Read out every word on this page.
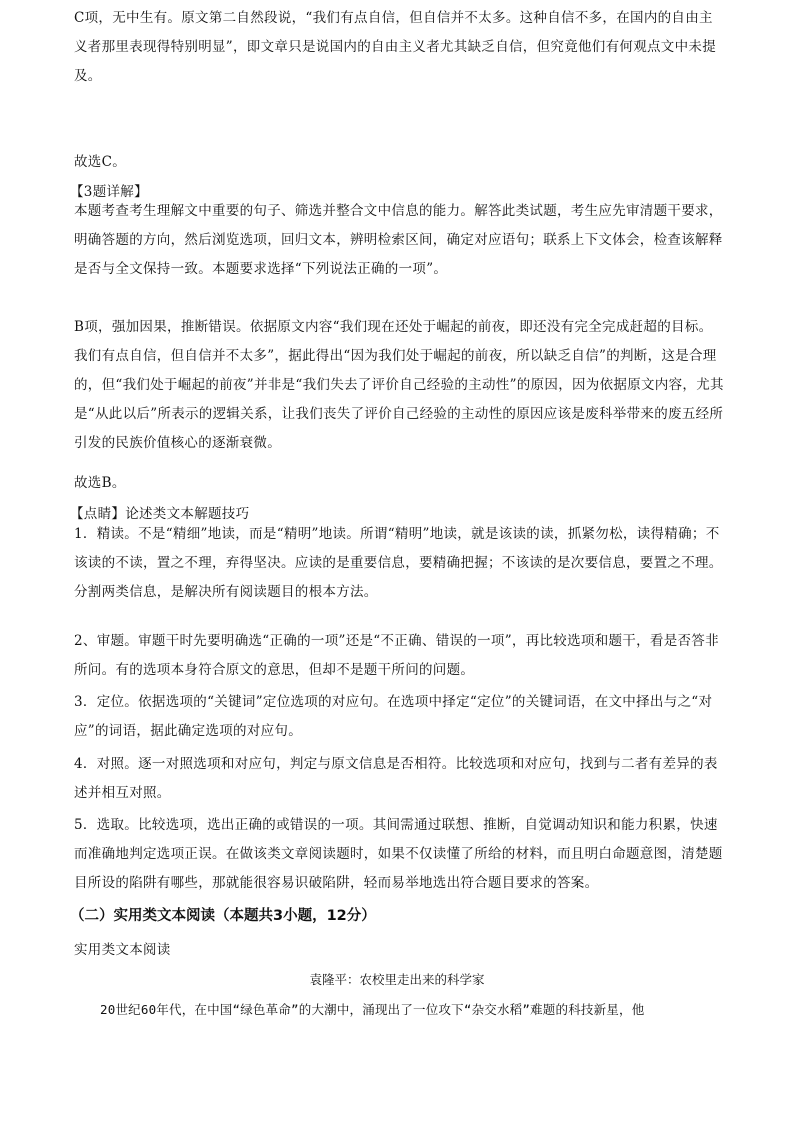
C项，无中生有。原文第二自然段说，“我们有点自信，但自信并不太多。这种自信不多，在国内的自由主义者那里表现得特别明显”，即文章只是说国内的自由主义者尤其缺乏自信，但究竟他们有何观点文中未提及。

故选C。
【3题详解】

本题考查考生理解文中重要的句子、筛选并整合文中信息的能力。解答此类试题，考生应先审清题干要求，明确答题的方向，然后浏览选项，回归文本，辨明检索区间，确定对应语句；联系上下文体会，检查该解释是否与全文保持一致。本题要求选择“下列说法正确的一项”。

B项，强加因果，推断错误。依据原文内容“我们现在还处于崛起的前夜，即还没有完全完成赶超的目标。我们有点自信，但自信并不太多”，据此得出“因为我们处于崛起的前夜，所以缺乏自信”的判断，这是合理的，但“我们处于崛起的前夜”并非是“我们失去了评价自己经验的主动性”的原因，因为依据原文内容，尤其是“从此以后”所表示的逻辑关系，让我们丧失了评价自己经验的主动性的原因应该是废科举带来的废五经所引发的民族价值核心的逐渐衰微。

故选B。
【点睛】论述类文本解题技巧

1．精读。不是“精细”地读，而是“精明”地读。所谓“精明”地读，就是该读的读，抓紧勿松，读得精确；不该读的不读，置之不理，弃得坚决。应读的是重要信息，要精确把握；不该读的是次要信息，要置之不理。分割两类信息，是解决所有阅读题目的根本方法。

2、审题。审题干时先要明确选“正确的一项”还是“不正确、错误的一项”，再比较选项和题干，看是否答非所问。有的选项本身符合原文的意思，但却不是题干所问的问题。

3．定位。依据选项的“关键词”定位选项的对应句。在选项中择定“定位”的关键词语，在文中择出与之“对应”的词语，据此确定选项的对应句。

4．对照。逐一对照选项和对应句，判定与原文信息是否相符。比较选项和对应句，找到与二者有差异的表述并相互对照。

5．选取。比较选项，选出正确的或错误的一项。其间需通过联想、推断，自觉调动知识和能力积累，快速而准确地判定选项正误。在做该类文章阅读题时，如果不仅读懂了所给的材料，而且明白命题意图，清楚题目所设的陷阱有哪些，那就能很容易识破陷阱，轻而易举地选出符合题目要求的答案。

（二）实用类文本阅读（本题共3小题，12分）
实用类文本阅读
袁隆平：农校里走出来的科学家
20世纪60年代，在中国“绿色革命”的大潮中，涌现出了一位攻下“杂交水稻”难题的科技新星，他
